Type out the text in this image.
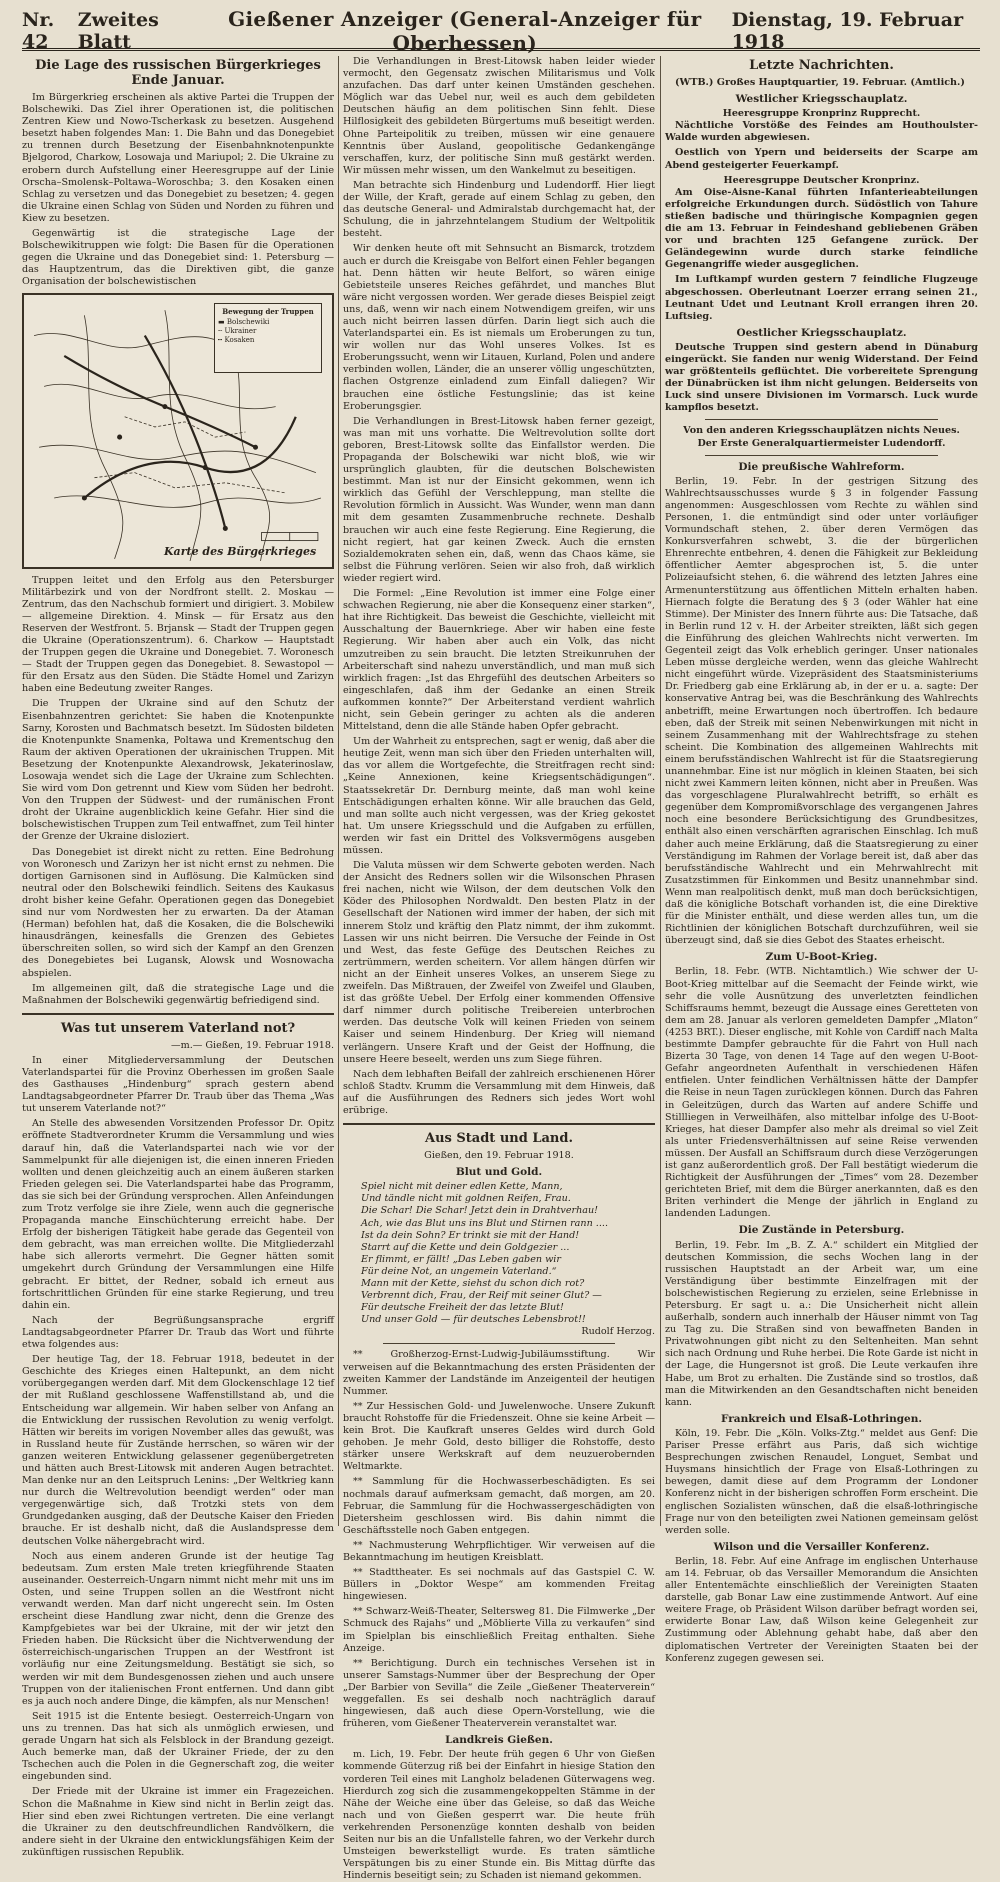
Nr. 42
Zweites Blatt
Gießener Anzeiger (General-Anzeiger für Oberhessen)
Dienstag, 19. Februar 1918
Die Lage des russischen Bürgerkrieges Ende Januar.

Im Bürgerkrieg erscheinen als aktive Partei die Truppen der Bolschewiki. Das Ziel ihrer Operationen ist, die politischen Zentren Kiew und Nowo-Tscherkask zu besetzen. Ausgehend besetzt haben folgendes Man: 1. Die Bahn und das Donegebiet zu trennen durch Besetzung der Eisenbahnknotenpunkte Bjelgorod, Charkow, Losowaja und Mariupol; 2. Die Ukraine zu erobern durch Aufstellung einer Heeresgruppe auf der Linie Orscha–Smolensk–Poltawa–Woroschba; 3. den Kosaken einen Schlag zu versetzen und das Donegebiet zu besetzen; 4. gegen die Ukraine einen Schlag von Süden und Norden zu führen und Kiew zu besetzen.

Gegenwärtig ist die strategische Lage der Bolschewikitruppen wie folgt: Die Basen für die Operationen gegen die Ukraine und das Donegebiet sind: 1. Petersburg — das Hauptzentrum, das die Direktiven gibt, die ganze Organisation der bolschewistischen

Bewegung der Truppen
▬ Bolschewiki
╌ Ukrainer
┅ Kosaken
Karte des Bürgerkrieges

Truppen leitet und den Erfolg aus den Petersburger Militärbezirk und von der Nordfront stellt. 2. Moskau — Zentrum, das den Nachschub formiert und dirigiert. 3. Mobilew — allgemeine Direktion. 4. Minsk — für Ersatz aus den Reserven der Westfront. 5. Brjansk — Stadt der Truppen gegen die Ukraine (Operationszentrum). 6. Charkow — Hauptstadt der Truppen gegen die Ukraine und Donegebiet. 7. Woronesch — Stadt der Truppen gegen das Donegebiet. 8. Sewastopol — für den Ersatz aus den Süden. Die Städte Homel und Zarizyn haben eine Bedeutung zweiter Ranges.

Die Truppen der Ukraine sind auf den Schutz der Eisenbahnzentren gerichtet: Sie haben die Knotenpunkte Sarny, Korosten und Bachmatsch besetzt. Im Südosten bildeten die Knotenpunkte Snamenka, Poltawa und Krementschug den Raum der aktiven Operationen der ukrainischen Truppen. Mit Besetzung der Knotenpunkte Alexandrowsk, Jekaterinoslaw, Losowaja wendet sich die Lage der Ukraine zum Schlechten. Sie wird vom Don getrennt und Kiew vom Süden her bedroht. Von den Truppen der Südwest- und der rumänischen Front droht der Ukraine augenblicklich keine Gefahr. Hier sind die bolschewistischen Truppen zum Teil entwaffnet, zum Teil hinter der Grenze der Ukraine disloziert.

Das Donegebiet ist direkt nicht zu retten. Eine Bedrohung von Woronesch und Zarizyn her ist nicht ernst zu nehmen. Die dortigen Garnisonen sind in Auflösung. Die Kalmücken sind neutral oder den Bolschewiki feindlich. Seitens des Kaukasus droht bisher keine Gefahr. Operationen gegen das Donegebiet sind nur vom Nordwesten her zu erwarten. Da der Ataman (Herman) befohlen hat, daß die Kosaken, die die Bolschewiki hinausdrängen, keinesfalls die Grenzen des Gebietes überschreiten sollen, so wird sich der Kampf an den Grenzen des Donegebietes bei Lugansk, Alowsk und Wosnowacha abspielen.

Im allgemeinen gilt, daß die strategische Lage und die Maßnahmen der Bolschewiki gegenwärtig befriedigend sind.

Was tut unserem Vaterland not?
—m.— Gießen, 19. Februar 1918.

In einer Mitgliederversammlung der Deutschen Vaterlandspartei für die Provinz Oberhessen im großen Saale des Gasthauses „Hindenburg“ sprach gestern abend Landtagsabgeordneter Pfarrer Dr. Traub über das Thema „Was tut unserem Vaterlande not?“

An Stelle des abwesenden Vorsitzenden Professor Dr. Opitz eröffnete Stadtverordneter Krumm die Versammlung und wies darauf hin, daß die Vaterlandspartei nach wie vor der Sammelpunkt für alle diejenigen ist, die einen inneren Frieden wollten und denen gleichzeitig auch an einem äußeren starken Frieden gelegen sei. Die Vaterlandspartei habe das Programm, das sie sich bei der Gründung versprochen. Allen Anfeindungen zum Trotz verfolge sie ihre Ziele, wenn auch die gegnerische Propaganda manche Einschüchterung erreicht habe. Der Erfolg der bisherigen Tätigkeit habe gerade das Gegenteil von dem gebracht, was man erreichen wollte. Die Mitgliederzahl habe sich allerorts vermehrt. Die Gegner hätten somit umgekehrt durch Gründung der Versammlungen eine Hilfe gebracht. Er bittet, der Redner, sobald ich erneut aus fortschrittlichen Gründen für eine starke Regierung, und treu dahin ein.

Nach der Begrüßungsansprache ergriff Landtagsabgeordneter Pfarrer Dr. Traub das Wort und führte etwa folgendes aus:

Der heutige Tag, der 18. Februar 1918, bedeutet in der Geschichte des Krieges einen Haltepunkt, an dem nicht vorübergegangen werden darf. Mit dem Glockenschlage 12 tief der mit Rußland geschlossene Waffenstillstand ab, und die Entscheidung war allgemein. Wir haben selber von Anfang an die Entwicklung der russischen Revolution zu wenig verfolgt. Hätten wir bereits im vorigen November alles das gewußt, was in Russland heute für Zustände herrschen, so wären wir der ganzen weiteren Entwicklung gelassener gegenübergetreten und hätten auch Brest-Litowsk mit anderen Augen betrachtet. Man denke nur an den Leitspruch Lenins: „Der Weltkrieg kann nur durch die Weltrevolution beendigt werden“ oder man vergegenwärtige sich, daß Trotzki stets von dem Grundgedanken ausging, daß der Deutsche Kaiser den Frieden brauche. Er ist deshalb nicht, daß die Auslandspresse dem deutschen Volke nähergebracht wird.

Noch aus einem anderen Grunde ist der heutige Tag bedeutsam. Zum ersten Male treten kriegführende Staaten auseinander. Oesterreich-Ungarn nimmt nicht mehr mit uns im Osten, und seine Truppen sollen an die Westfront nicht verwandt werden. Man darf nicht ungerecht sein. Im Osten erscheint diese Handlung zwar nicht, denn die Grenze des Kampfgebietes war bei der Ukraine, mit der wir jetzt den Frieden haben. Die Rücksicht über die Nichtverwendung der österreichisch-ungarischen Truppen an der Westfront ist vorläufig nur eine Zeitungsmeldung. Bestätigt sie sich, so werden wir mit dem Bundesgenossen ziehen und auch unsere Truppen von der italienischen Front entfernen. Und dann gibt es ja auch noch andere Dinge, die kämpfen, als nur Menschen!

Seit 1915 ist die Entente besiegt. Oesterreich-Ungarn von uns zu trennen. Das hat sich als unmöglich erwiesen, und gerade Ungarn hat sich als Felsblock in der Brandung gezeigt. Auch bemerke man, daß der Ukrainer Friede, der zu den Tschechen auch die Polen in die Gegnerschaft zog, die weiter eingebunden sind.

Der Friede mit der Ukraine ist immer ein Fragezeichen. Schon die Maßnahme in Kiew sind nicht in Berlin zeigt das. Hier sind eben zwei Richtungen vertreten. Die eine verlangt die Ukrainer zu den deutschfreundlichen Randvölkern, die andere sieht in der Ukraine den entwicklungsfähigen Keim der zukünftigen russischen Republik.

Die Verhandlungen in Brest-Litowsk haben leider wieder vermocht, den Gegensatz zwischen Militarismus und Volk anzufachen. Das darf unter keinen Umständen geschehen. Möglich war das Uebel nur, weil es auch dem gebildeten Deutschen häufig an dem politischen Sinn fehlt. Diese Hilflosigkeit des gebildeten Bürgertums muß beseitigt werden. Ohne Parteipolitik zu treiben, müssen wir eine genauere Kenntnis über Ausland, geopolitische Gedankengänge verschaffen, kurz, der politische Sinn muß gestärkt werden. Wir müssen mehr wissen, um den Wankelmut zu beseitigen.

Man betrachte sich Hindenburg und Ludendorff. Hier liegt der Wille, der Kraft, gerade auf einem Schlag zu geben, den das deutsche General- und Admiralstab durchgemacht hat, der Schulung, die in jahrzehntelangem Studium der Weltpolitik besteht.

Wir denken heute oft mit Sehnsucht an Bismarck, trotzdem auch er durch die Kreisgabe von Belfort einen Fehler begangen hat. Denn hätten wir heute Belfort, so wären einige Gebietsteile unseres Reiches gefährdet, und manches Blut wäre nicht vergossen worden. Wer gerade dieses Beispiel zeigt uns, daß, wenn wir nach einem Notwendigem greifen, wir uns auch nicht beirren lassen dürfen. Darin liegt sich auch die Vaterlandspartei ein. Es ist niemals um Eroberungen zu tun, wir wollen nur das Wohl unseres Volkes. Ist es Eroberungssucht, wenn wir Litauen, Kurland, Polen und andere verbinden wollen, Länder, die an unserer völlig ungeschützten, flachen Ostgrenze einladend zum Einfall daliegen? Wir brauchen eine östliche Festungslinie; das ist keine Eroberungsgier.

Die Verhandlungen in Brest-Litowsk haben ferner gezeigt, was man mit uns vorhatte. Die Weltrevolution sollte dort geboren, Brest-Litowsk sollte das Einfallstor werden. Die Propaganda der Bolschewiki war nicht bloß, wie wir ursprünglich glaubten, für die deutschen Bolschewisten bestimmt. Man ist nur der Einsicht gekommen, wenn ich wirklich das Gefühl der Verschleppung, man stellte die Revolution förmlich in Aussicht. Was Wunder, wenn man dann mit dem gesamten Zusammenbruche rechnete. Deshalb brauchen wir auch eine feste Regierung. Eine Regierung, die nicht regiert, hat gar keinen Zweck. Auch die ernsten Sozialdemokraten sehen ein, daß, wenn das Chaos käme, sie selbst die Führung verlören. Seien wir also froh, daß wirklich wieder regiert wird.

Die Formel: „Eine Revolution ist immer eine Folge einer schwachen Regierung, nie aber die Konsequenz einer starken“, hat ihre Richtigkeit. Das beweist die Geschichte, vielleicht mit Ausschaltung der Bauernkriege. Aber wir haben eine feste Regierung. Wir haben aber auch ein Volk, das nicht umzutreiben zu sein braucht. Die letzten Streikunruhen der Arbeiterschaft sind nahezu unverständlich, und man muß sich wirklich fragen: „Ist das Ehrgefühl des deutschen Arbeiters so eingeschlafen, daß ihm der Gedanke an einen Streik aufkommen konnte?“ Der Arbeiterstand verdient wahrlich nicht, sein Gebein geringer zu achten als die anderen Mittelstand, denn die alle Stände haben Opfer gebracht.

Um der Wahrheit zu entsprechen, sagt er wenig, daß aber die heutige Zeit, wenn man sich über den Frieden unterhalten will, das vor allem die Wortgefechte, die Streitfragen recht sind: „Keine Annexionen, keine Kriegsentschädigungen“. Staatssekretär Dr. Dernburg meinte, daß man wohl keine Entschädigungen erhalten könne. Wir alle brauchen das Geld, und man sollte auch nicht vergessen, was der Krieg gekostet hat. Um unsere Kriegsschuld und die Aufgaben zu erfüllen, werden wir fast ein Drittel des Volksvermögens ausgeben müssen.

Die Valuta müssen wir dem Schwerte geboten werden. Nach der Ansicht des Redners sollen wir die Wilsonschen Phrasen frei nachen, nicht wie Wilson, der dem deutschen Volk den Köder des Philosophen Nordwaldt. Den besten Platz in der Gesellschaft der Nationen wird immer der haben, der sich mit innerem Stolz und kräftig den Platz nimmt, der ihm zukommt. Lassen wir uns nicht beirren. Die Versuche der Feinde in Ost und West, das feste Gefüge des Deutschen Reiches zu zertrümmern, werden scheitern. Vor allem hängen dürfen wir nicht an der Einheit unseres Volkes, an unserem Siege zu zweifeln. Das Mißtrauen, der Zweifel von Zweifel und Glauben, ist das größte Uebel. Der Erfolg einer kommenden Offensive darf nimmer durch politische Treibereien unterbrochen werden. Das deutsche Volk will keinen Frieden von seinem Kaiser und seinem Hindenburg. Der Krieg will niemand verlängern. Unsere Kraft und der Geist der Hoffnung, die unsere Heere beseelt, werden uns zum Siege führen.

Nach dem lebhaften Beifall der zahlreich erschienenen Hörer schloß Stadtv. Krumm die Versammlung mit dem Hinweis, daß auf die Ausführungen des Redners sich jedes Wort wohl erübrige.

Aus Stadt und Land.
Gießen, den 19. Februar 1918.
Blut und Gold.
Spiel nicht mit deiner edlen Kette, Mann,
Und tändle nicht mit goldnen Reifen, Frau.
Die Schar! Die Schar! Jetzt dein in Drahtverhau!
Ach, wie das Blut uns ins Blut und Stirnen rann ....
Ist da dein Sohn? Er trinkt sie mit der Hand!
Starrt auf die Kette und dein Goldgezier ...
Er flimmt, er fällt! „Das Leben gaben wir
Für deine Not, an ungemein Vaterland.“
Mann mit der Kette, siehst du schon dich rot?
Verbrennt dich, Frau, der Reif mit seiner Glut? —
Für deutsche Freiheit der das letzte Blut!
Und unser Gold — für deutsches Lebensbrot!!
Rudolf Herzog.

** Großherzog-Ernst-Ludwig-Jubiläumsstiftung. Wir verweisen auf die Bekanntmachung des ersten Präsidenten der zweiten Kammer der Landstände im Anzeigenteil der heutigen Nummer.

** Zur Hessischen Gold- und Juwelenwoche. Unsere Zukunft braucht Rohstoffe für die Friedenszeit. Ohne sie keine Arbeit — kein Brot. Die Kaufkraft unseres Geldes wird durch Gold gehoben. Je mehr Gold, desto billiger die Rohstoffe, desto stärker unsere Werkskraft auf dem neuzuerobernden Weltmarkte.

** Sammlung für die Hochwasserbeschädigten. Es sei nochmals darauf aufmerksam gemacht, daß morgen, am 20. Februar, die Sammlung für die Hochwassergeschädigten von Dietersheim geschlossen wird. Bis dahin nimmt die Geschäftsstelle noch Gaben entgegen.

** Nachmusterung Wehrpflichtiger. Wir verweisen auf die Bekanntmachung im heutigen Kreisblatt.

** Stadttheater. Es sei nochmals auf das Gastspiel C. W. Büllers in „Doktor Wespe“ am kommenden Freitag hingewiesen.

** Schwarz-Weiß-Theater, Seltersweg 81. Die Filmwerke „Der Schmuck des Rajahs“ und „Möblierte Villa zu verkaufen“ sind im Spielplan bis einschließlich Freitag enthalten. Siehe Anzeige.

** Berichtigung. Durch ein technisches Versehen ist in unserer Samstags-Nummer über der Besprechung der Oper „Der Barbier von Sevilla“ die Zeile „Gießener Theaterverein“ weggefallen. Es sei deshalb noch nachträglich darauf hingewiesen, daß auch diese Opern-Vorstellung, wie die früheren, vom Gießener Theaterverein veranstaltet war.

Landkreis Gießen.

m. Lich, 19. Febr. Der heute früh gegen 6 Uhr von Gießen kommende Güterzug riß bei der Einfahrt in hiesige Station den vorderen Teil eines mit Langholz beladenen Güterwagens weg. Hierdurch zog sich die zusammengekoppelten Stämme in der Nähe der Weiche eine über das Geleise, so daß das Weiche nach und von Gießen gesperrt war. Die heute früh verkehrenden Personenzüge konnten deshalb von beiden Seiten nur bis an die Unfallstelle fahren, wo der Verkehr durch Umsteigen bewerkstelligt wurde. Es traten sämtliche Verspätungen bis zu einer Stunde ein. Bis Mittag dürfte das Hindernis beseitigt sein; zu Schaden ist niemand gekommen.

Letzte Nachrichten.

(WTB.) Großes Hauptquartier, 19. Februar. (Amtlich.)

Westlicher Kriegsschauplatz.
Heeresgruppe Kronprinz Rupprecht.

Nächtliche Vorstöße des Feindes am Houthoulster-Walde wurden abgewiesen.

Oestlich von Ypern und beiderseits der Scarpe am Abend gesteigerter Feuerkampf.

Heeresgruppe Deutscher Kronprinz.

Am Oise-Aisne-Kanal führten Infanterieabteilungen erfolgreiche Erkundungen durch. Südöstlich von Tahure stießen badische und thüringische Kompagnien gegen die am 13. Februar in Feindeshand gebliebenen Gräben vor und brachten 125 Gefangene zurück. Der Geländegewinn wurde durch starke feindliche Gegenangriffe wieder ausgeglichen.

Im Luftkampf wurden gestern 7 feindliche Flugzeuge abgeschossen. Oberleutnant Loerzer errang seinen 21., Leutnant Udet und Leutnant Kroll errangen ihren 20. Luftsieg.

Oestlicher Kriegsschauplatz.

Deutsche Truppen sind gestern abend in Dünaburg eingerückt. Sie fanden nur wenig Widerstand. Der Feind war größtenteils geflüchtet. Die vorbereitete Sprengung der Dünabrücken ist ihm nicht gelungen. Beiderseits von Luck sind unsere Divisionen im Vormarsch. Luck wurde kampflos besetzt.

Von den anderen Kriegsschauplätzen nichts Neues.
Der Erste Generalquartiermeister Ludendorff.
Die preußische Wahlreform.

Berlin, 19. Febr. In der gestrigen Sitzung des Wahlrechtsausschusses wurde § 3 in folgender Fassung angenommen: Ausgeschlossen vom Rechte zu wählen sind Personen, 1. die entmündigt sind oder unter vorläufiger Vormundschaft stehen, 2. über deren Vermögen das Konkursverfahren schwebt, 3. die der bürgerlichen Ehrenrechte entbehren, 4. denen die Fähigkeit zur Bekleidung öffentlicher Aemter abgesprochen ist, 5. die unter Polizeiaufsicht stehen, 6. die während des letzten Jahres eine Armenunterstützung aus öffentlichen Mitteln erhalten haben. Hiernach folgte die Beratung des § 3 (oder Wähler hat eine Stimme). Der Minister des Innern führte aus: Die Tatsache, daß in Berlin rund 12 v. H. der Arbeiter streikten, läßt sich gegen die Einführung des gleichen Wahlrechts nicht verwerten. Im Gegenteil zeigt das Volk erheblich geringer. Unser nationales Leben müsse dergleiche werden, wenn das gleiche Wahlrecht nicht eingeführt würde. Vizepräsident des Staatsministeriums Dr. Friedberg gab eine Erklärung ab, in der er u. a. sagte: Der konservative Antrag bei, was die Beschränkung des Wahlrechts anbetrifft, meine Erwartungen noch übertroffen. Ich bedaure eben, daß der Streik mit seinen Nebenwirkungen mit nicht in seinem Zusammenhang mit der Wahlrechtsfrage zu stehen scheint. Die Kombination des allgemeinen Wahlrechts mit einem berufsständischen Wahlrecht ist für die Staatsregierung unannehmbar. Eine ist nur möglich in kleinen Staaten, bei sich nicht zwei Kammern leiten können, nicht aber in Preußen. Was das vorgeschlagene Pluralwahlrecht betrifft, so erhält es gegenüber dem Kompromißvorschlage des vergangenen Jahres noch eine besondere Berücksichtigung des Grundbesitzes, enthält also einen verschärften agrarischen Einschlag. Ich muß daher auch meine Erklärung, daß die Staatsregierung zu einer Verständigung im Rahmen der Vorlage bereit ist, daß aber das berufsständische Wahlrecht und ein Mehrwahlrecht mit Zusatzstimmen für Einkommen und Besitz unannehmbar sind. Wenn man realpolitisch denkt, muß man doch berücksichtigen, daß die königliche Botschaft vorhanden ist, die eine Direktive für die Minister enthält, und diese werden alles tun, um die Richtlinien der königlichen Botschaft durchzuführen, weil sie überzeugt sind, daß sie dies Gebot des Staates erheischt.

Zum U-Boot-Krieg.

Berlin, 18. Febr. (WTB. Nichtamtlich.) Wie schwer der U-Boot-Krieg mittelbar auf die Seemacht der Feinde wirkt, wie sehr die volle Ausnützung des unverletzten feindlichen Schiffsraums hemmt, bezeugt die Aussage eines Geretteten von dem am 28. Januar als verloren gemeldeten Dampfer „Mlaton“ (4253 BRT.). Dieser englische, mit Kohle von Cardiff nach Malta bestimmte Dampfer gebrauchte für die Fahrt von Hull nach Bizerta 30 Tage, von denen 14 Tage auf den wegen U-Boot-Gefahr angeordneten Aufenthalt in verschiedenen Häfen entfielen. Unter feindlichen Verhältnissen hätte der Dampfer die Reise in neun Tagen zurücklegen können. Durch das Fahren in Geleitzügen, durch das Warten auf andere Schiffe und Stillliegen in Verweilhäfen, also mittelbar infolge des U-Boot-Krieges, hat dieser Dampfer also mehr als dreimal so viel Zeit als unter Friedensverhältnissen auf seine Reise verwenden müssen. Der Ausfall an Schiffsraum durch diese Verzögerungen ist ganz außerordentlich groß. Der Fall bestätigt wiederum die Richtigkeit der Ausführungen der „Times“ vom 28. Dezember gerichteten Brief, mit dem die Bürger anerkannten, daß es den Briten verhindert die Menge der jährlich in England zu landenden Ladungen.

Die Zustände in Petersburg.

Berlin, 19. Febr. Im „B. Z. A.“ schildert ein Mitglied der deutschen Kommission, die sechs Wochen lang in der russischen Hauptstadt an der Arbeit war, um eine Verständigung über bestimmte Einzelfragen mit der bolschewistischen Regierung zu erzielen, seine Erlebnisse in Petersburg. Er sagt u. a.: Die Unsicherheit nicht allein außerhalb, sondern auch innerhalb der Häuser nimmt von Tag zu Tag zu. Die Straßen sind von bewaffneten Banden in Privatwohnungen gibt nicht zu den Seltenheiten. Man sehnt sich nach Ordnung und Ruhe herbei. Die Rote Garde ist nicht in der Lage, die Hungersnot ist groß. Die Leute verkaufen ihre Habe, um Brot zu erhalten. Die Zustände sind so trostlos, daß man die Mitwirkenden an den Gesandtschaften nicht beneiden kann.

Frankreich und Elsaß-Lothringen.

Köln, 19. Febr. Die „Köln. Volks-Ztg.“ meldet aus Genf: Die Pariser Presse erfährt aus Paris, daß sich wichtige Besprechungen zwischen Renaudel, Longuet, Sembat und Huysmans hinsichtlich der Frage von Elsaß-Lothringen zu bewegen, damit diese auf dem Programm der Londoner Konferenz nicht in der bisherigen schroffen Form erscheint. Die englischen Sozialisten wünschen, daß die elsaß-lothringische Frage nur von den beteiligten zwei Nationen gemeinsam gelöst werden solle.

Wilson und die Versailler Konferenz.

Berlin, 18. Febr. Auf eine Anfrage im englischen Unterhause am 14. Februar, ob das Versailler Memorandum die Ansichten aller Ententemächte einschließlich der Vereinigten Staaten darstelle, gab Bonar Law eine zustimmende Antwort. Auf eine weitere Frage, ob Präsident Wilson darüber befragt worden sei, erwiderte Bonar Law, daß Wilson keine Gelegenheit zur Zustimmung oder Ablehnung gehabt habe, daß aber den diplomatischen Vertreter der Vereinigten Staaten bei der Konferenz zugegen gewesen sei.
